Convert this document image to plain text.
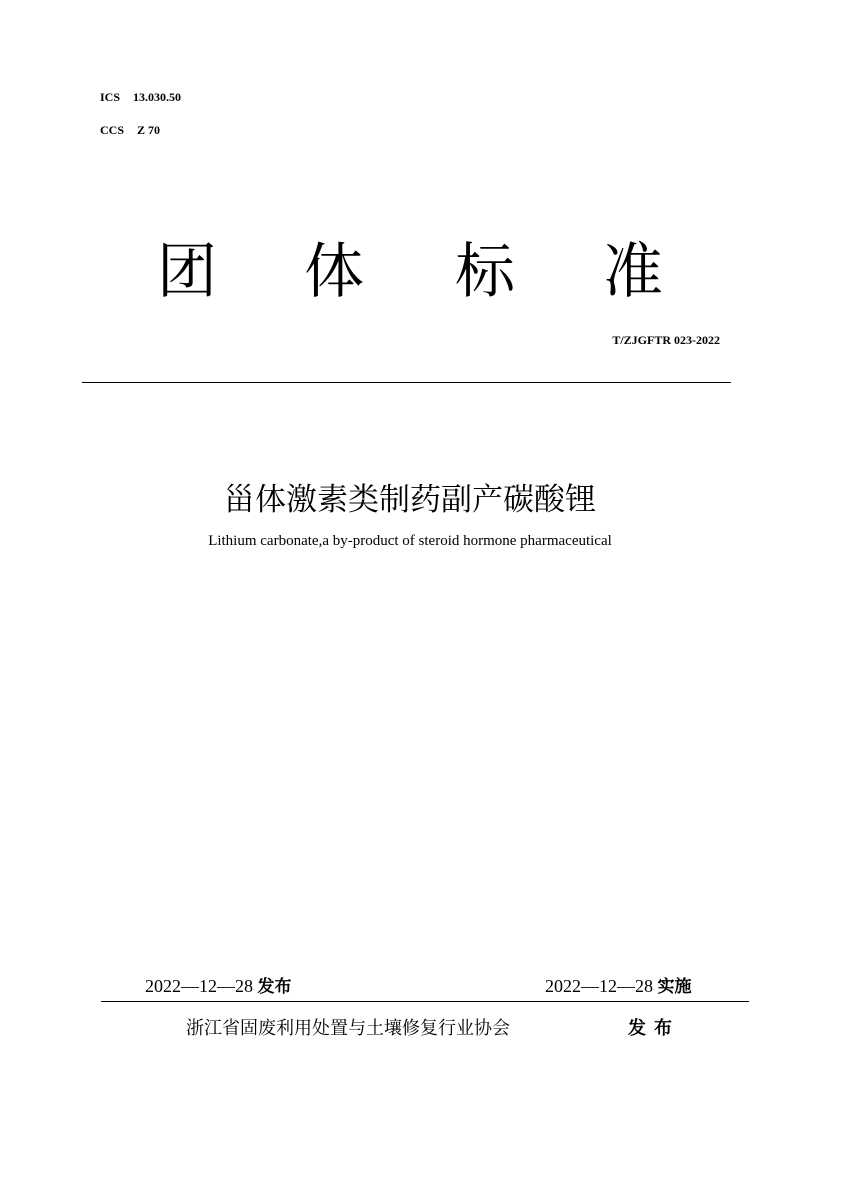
ICS 13.030.50
CCS Z 70
团 体 标 准
T/ZJGFTR 023-2022
甾体激素类制药副产碳酸锂
Lithium carbonate,a by-product of steroid hormone pharmaceutical
2022—12—28 发布	2022—12—28 实施
浙江省固废利用处置与土壤修复行业协会	发布
